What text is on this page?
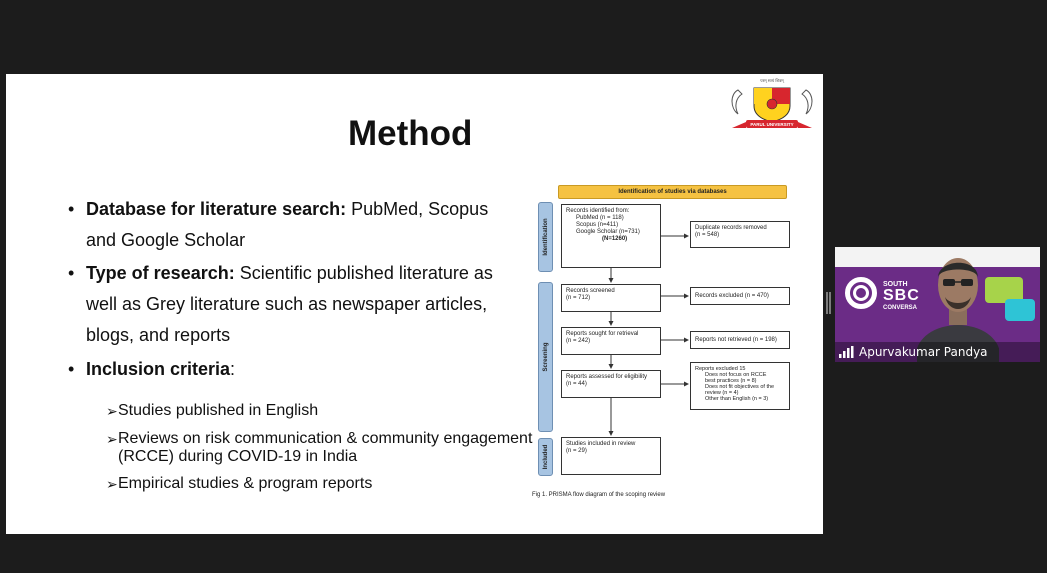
Method
परम् सत्यं शिवम्
PARUL UNIVERSITY
• Database for literature search: PubMed, Scopus and Google Scholar
• Type of research: Scientific published literature as well as Grey literature such as newspaper articles, blogs, and reports
• Inclusion criteria:
➢ Studies published in English
➢ Reviews on risk communication & community engagement (RCCE) during COVID-19 in India
➢ Empirical studies & program reports
Identification of studies via databases
Identification
Screening
Included
Records identified from:
PubMed (n = 118)
Scopus (n=411)
Google Scholar (n=731)
(N=1260)
Duplicate records removed
(n = 548)
Records screened
(n = 712)	Records excluded (n = 470)
Reports sought for retrieval
(n = 242)	Reports not retrieved (n = 198)
Reports assessed for eligibility
(n = 44)
Reports excluded 15
Does not focus on RCCE
best practices (n = 8)
Does not fit objectives of the
review (n = 4)
Other than English (n = 3)
Studies included in review
(n = 29)
Fig 1. PRISMA flow diagram of the scoping review
SOUTH
SBC
CONVERSA
Apurvakumar Pandya
